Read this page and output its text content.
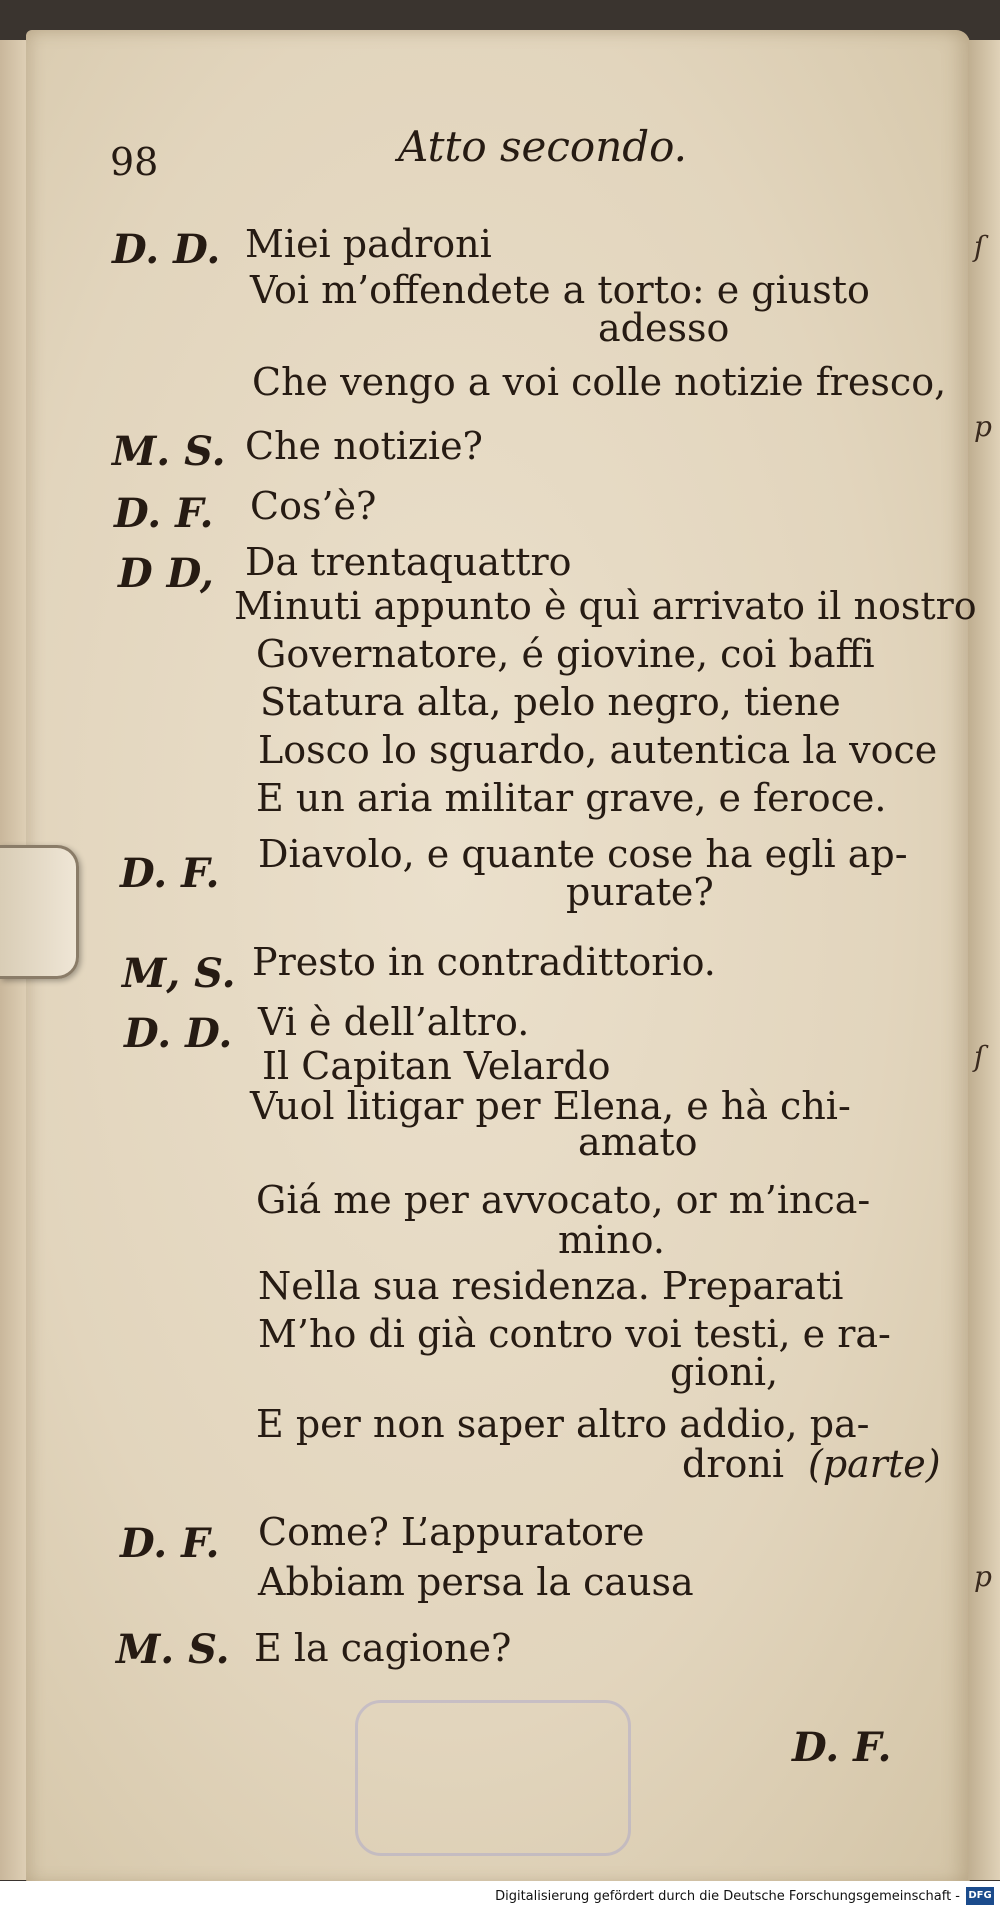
ſ
p
ſ
p
98	Atto secondo.
D. D. Miei padroni
Voi m’offendete a torto: e giusto
adesso
Che vengo a voi colle notizie fresco,
M. S. Che notizie?
D. F. Cos’è?
D D, Da trentaquattro
Minuti appunto è quì arrivato il nostro
Governatore, é giovine, coi baffi
Statura alta, pelo negro, tiene
Losco lo sguardo, autentica la voce
E un aria militar grave, e feroce.
D. F. Diavolo, e quante cose ha egli ap-
purate?
M, S. Presto in contradittorio.
D. D. Vi è dell’altro.
Il Capitan Velardo
Vuol litigar per Elena, e hà chi-
amato
Giá me per avvocato, or m’inca-
mino.
Nella sua residenza. Preparati
M’ho di già contro voi testi, e ra-
gioni,
E per non saper altro addio, pa-
droni (parte)
D. F. Come? L’appuratore
Abbiam persa la causa
M. S. E la cagione?
D. F.
Digitalisierung gefördert durch die Deutsche Forschungsgemeinschaft - DFG
